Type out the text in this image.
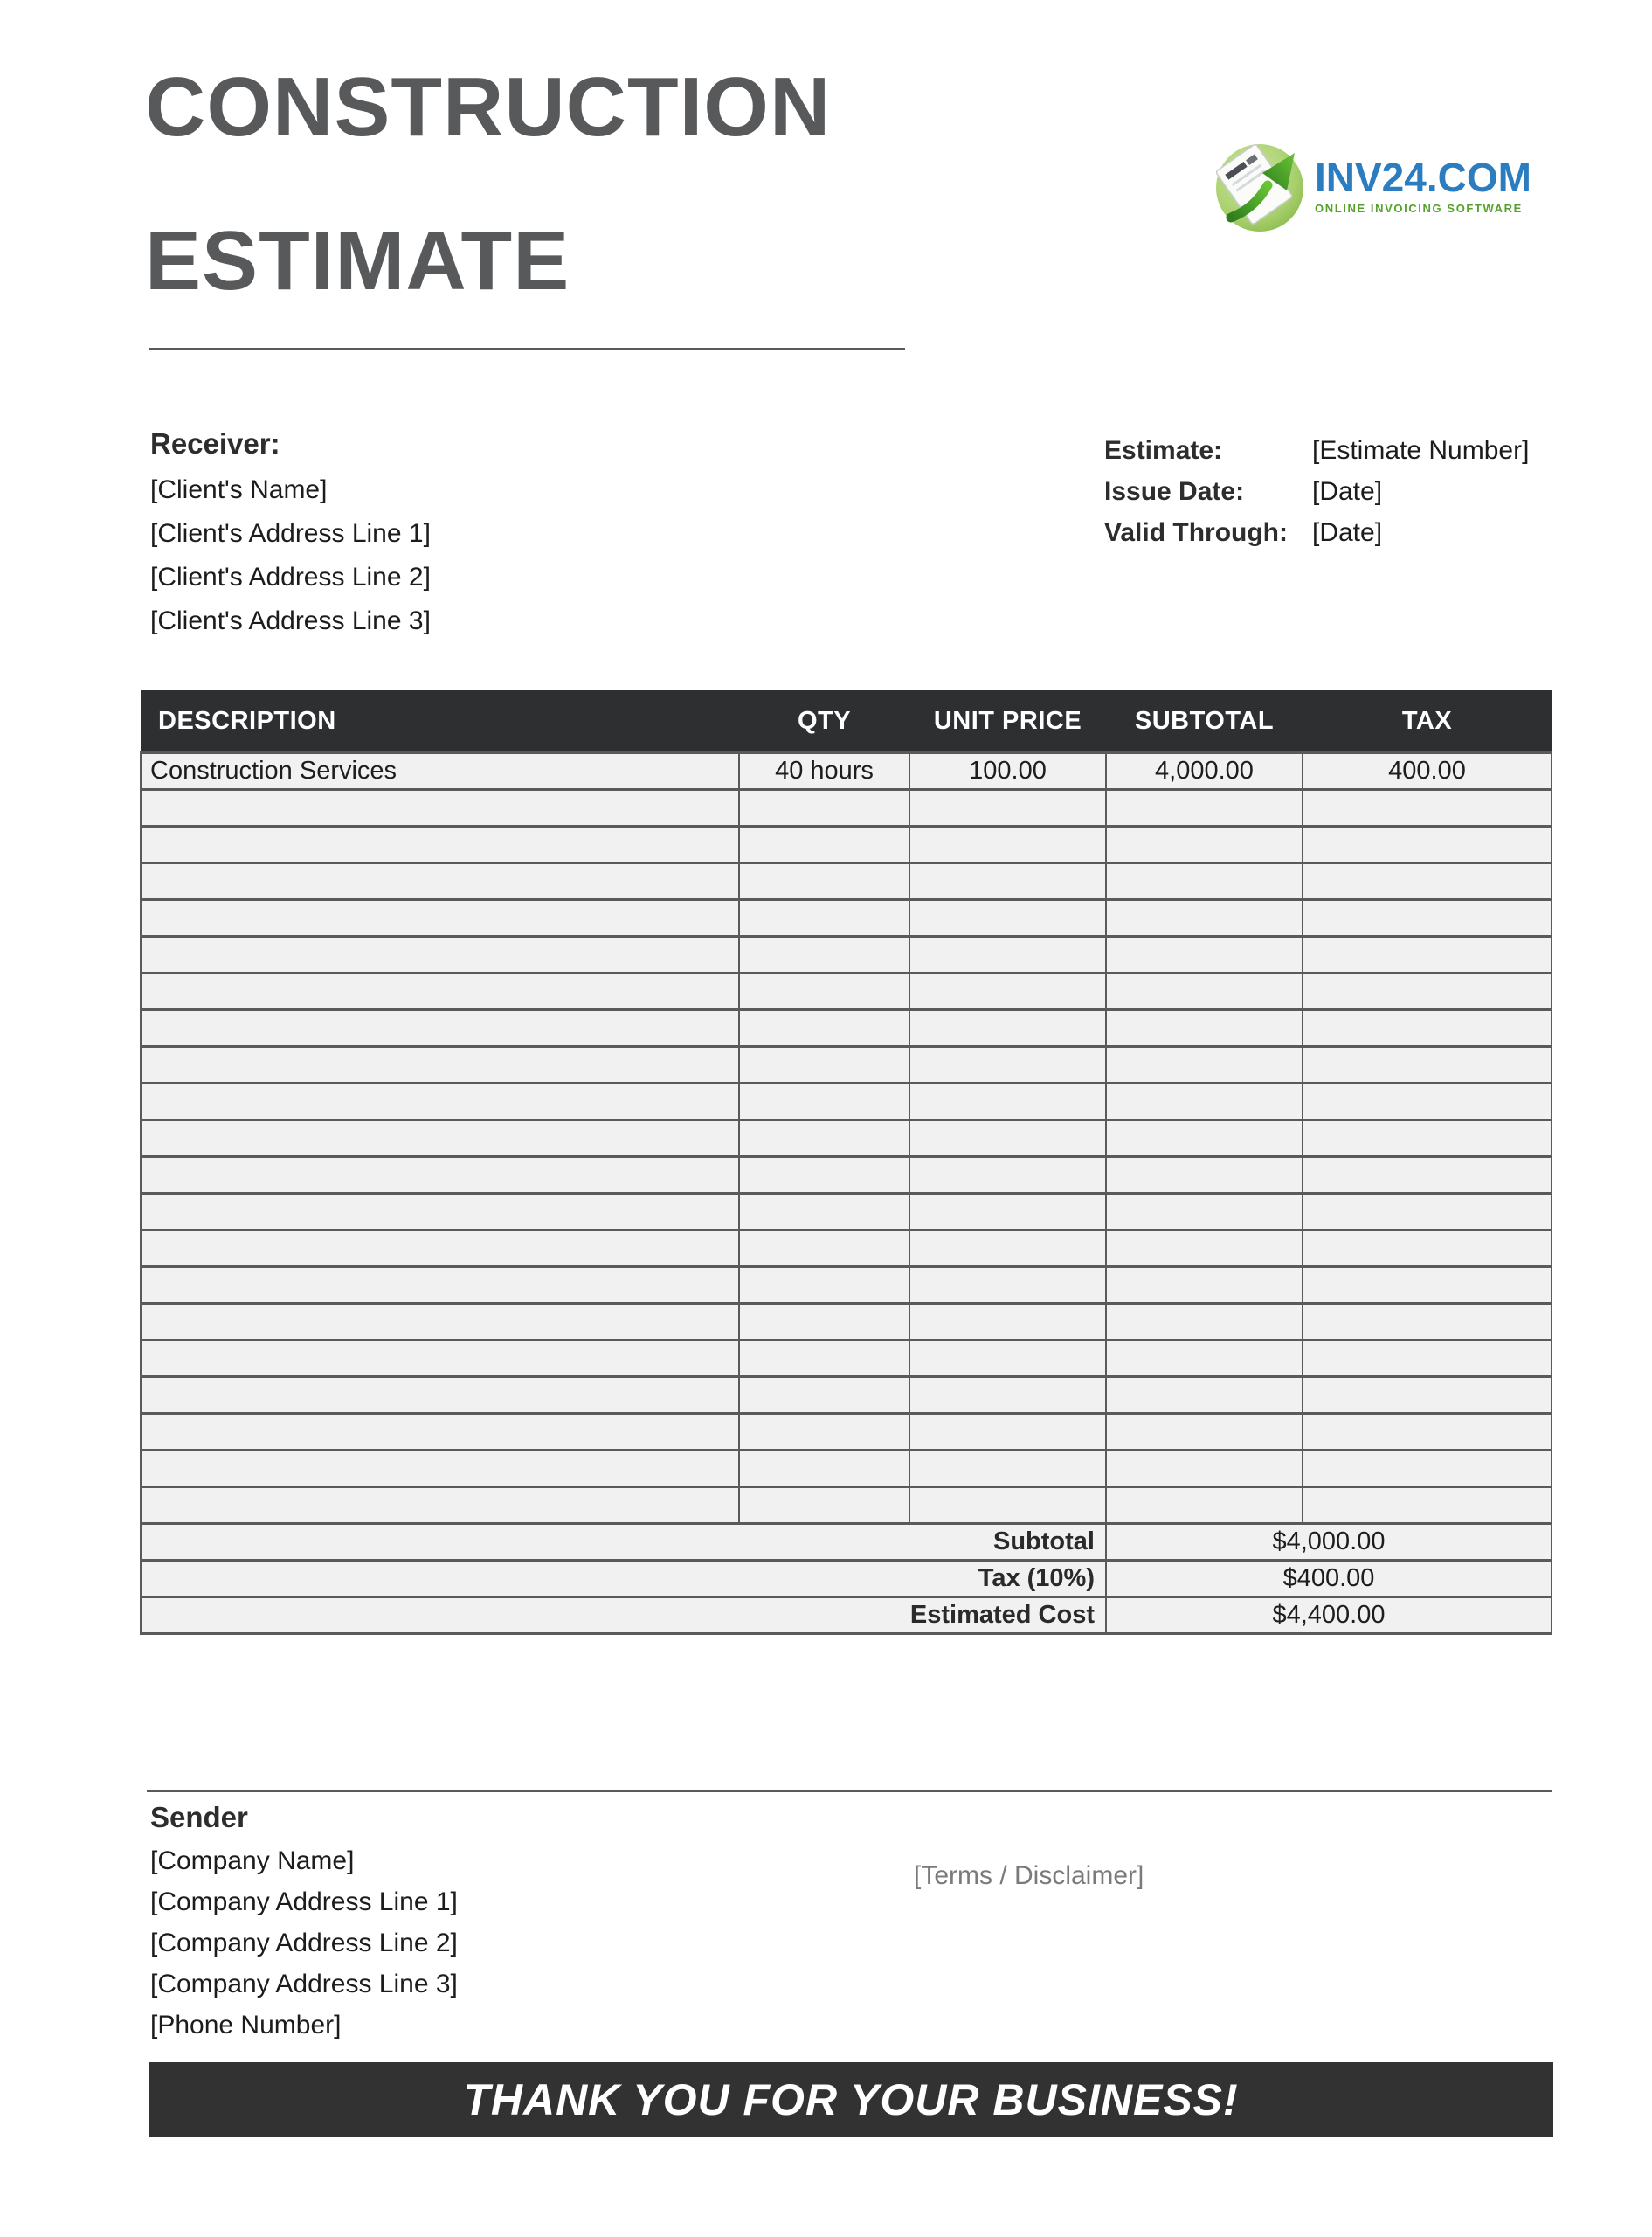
CONSTRUCTION
ESTIMATE
INV24.COM
ONLINE INVOICING SOFTWARE
Receiver:
[Client's Name]
[Client's Address Line 1]
[Client's Address Line 2]
[Client's Address Line 3]
Estimate:	[Estimate Number]
Issue Date:	[Date]
Valid Through: [Date]
DESCRIPTION	QTY	UNIT PRICE	SUBTOTAL	TAX
Construction Services	40 hours	100.00	4,000.00	400.00

Subtotal			$4,000.00	
Tax (10%)			$400.00	
Estimated Cost			$4,400.00	
Sender
[Company Name]
[Company Address Line 1]
[Company Address Line 2]
[Company Address Line 3]
[Phone Number]
[Terms / Disclaimer]
THANK YOU FOR YOUR BUSINESS!
